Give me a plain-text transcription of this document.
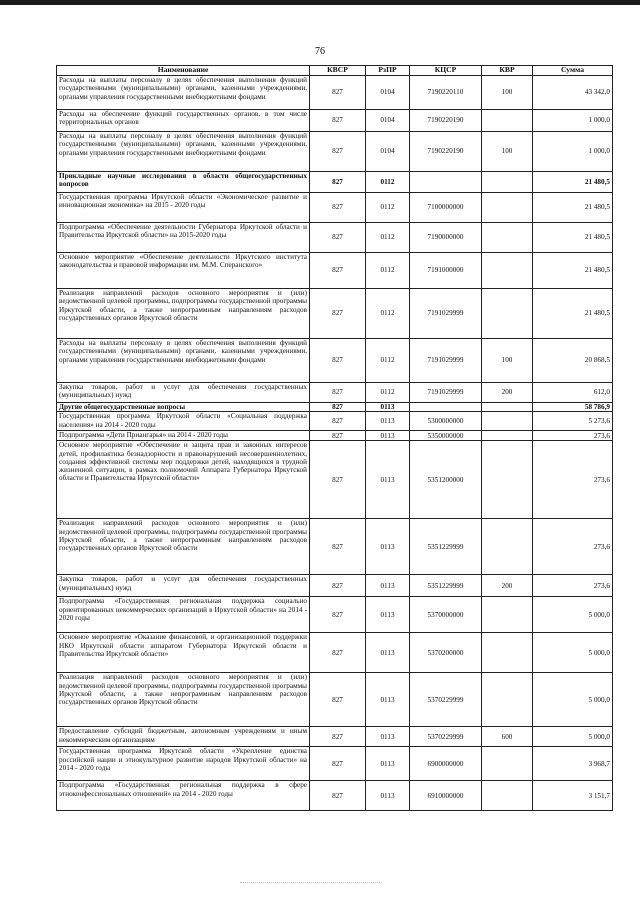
76
Наименование	КВСР	РзПР	КЦСР	КВР	Сумма
Расходы на выплаты персоналу в целях обеспечения выполнения функций государственными (муниципальными) органами, казенными учреждениями, органами управления государственными внебюджетными фондами	827	0104	7190220110	100	43 342,0
Расходы на обеспечение функций государственных органов, в том числе территориальных органов	827	0104	7190220190		1 000,0
Расходы на выплаты персоналу в целях обеспечения выполнения функций государственными (муниципальными) органами, казенными учреждениями, органами управления государственными внебюджетными фондами	827	0104	7190220190	100	1 000,0
Прикладные научные исследования в области общегосударственных вопросов	827	0112			21 480,5
Государственная программа Иркутской области «Экономическое развитие и инновационная экономика» на 2015 - 2020 годы	827	0112	7100000000		21 480,5
Подпрограмма «Обеспечение деятельности Губернатора Иркутской области и Правительства Иркутской области» на 2015-2020 годы	827	0112	7190000000		21 480,5
Основное мероприятие «Обеспечение деятельности Иркутского института законодательства и правовой информации им. М.М. Сперанского»	827	0112	7191000000		21 480,5
Реализация направлений расходов основного мероприятия и (или) ведомственной целевой программы, подпрограммы государственной программы Иркутской области, а также непрограммным направлениям расходов государственных органов Иркутской области	827	0112	7191029999		21 480,5
Расходы на выплаты персоналу в целях обеспечения выполнения функций государственными (муниципальными) органами, казенными учреждениями, органами управления государственными внебюджетными фондами	827	0112	7191029999	100	20 868,5
Закупка товаров, работ и услуг для обеспечения государственных (муниципальных) нужд	827	0112	7191029999	200	612,0
Другие общегосударственные вопросы	827	0113			58 786,9
Государственная программа Иркутской области «Социальная поддержка населения» на 2014 - 2020 годы	827	0113	5300000000		5 273,6
Подпрограмма «Дети Приангарья» на 2014 - 2020 годы	827	0113	5350000000		273,6
Основное мероприятие «Обеспечение и защита прав и законных интересов детей, профилактика безнадзорности и правонарушений несовершеннолетних, создания эффективной системы мер поддержки детей, находящихся в трудной жизненной ситуации, в рамках полномочий Аппарата Губернатора Иркутской области и Правительства Иркутской области»	827	0113	5351200000		273,6
Реализация направлений расходов основного мероприятия и (или) ведомственной целевой программы, подпрограммы государственной программы Иркутской области, а также непрограммным направлениям расходов государственных органов Иркутской области	827	0113	5351229999		273,6
Закупка товаров, работ и услуг для обеспечения государственных (муниципальных) нужд	827	0113	5351229999	200	273,6
Подпрограмма «Государственная региональная поддержка социально ориентированных некоммерческих организаций в Иркутской области» на 2014 - 2020 годы	827	0113	5370000000		5 000,0
Основное мероприятие «Оказание финансовой, и организационной поддержки НКО Иркутской области аппаратом Губернатора Иркутской области и Правительства Иркутской области»	827	0113	5370200000		5 000,0
Реализация направлений расходов основного мероприятия и (или) ведомственной целевой программы, подпрограммы государственной программы Иркутской области, а также непрограммным направлениям расходов государственных органов Иркутской области	827	0113	5370229999		5 000,0
Предоставление субсидий бюджетным, автономным учреждениям и иным некоммерческим организациям	827	0113	5370229999	600	5 000,0
Государственная программа Иркутской области «Укрепление единства российской нации и этнокультурное развитие народов Иркутской области» на 2014 - 2020 годы	827	0113	6900000000		3 968,7
Подпрограмма «Государственная региональная поддержка в сфере этноконфессиональных отношений» на 2014 - 2020 годы	827	0113	6910000000		3 151,7
